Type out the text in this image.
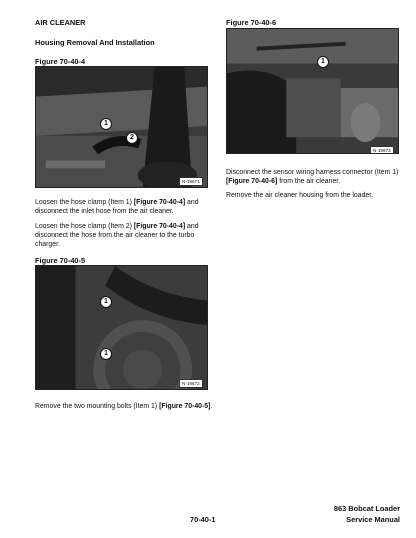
AIR CLEANER
Housing Removal And Installation
Figure 70-40-4
1
2
N-19671
Loosen the hose clamp (Item 1) [Figure 70-40-4] and disconnect the inlet hose from the air cleaner.
Loosen the hose clamp (Item 2) [Figure 70-40-4] and disconnect the hose from the air cleaner to the turbo charger.
Figure 70-40-5
1
1
N-19672
Remove the two mounting bolts (Item 1) [Figure 70-40-5].
Figure 70-40-6
1
N-19673
Disconnect the sensor wiring harness connector (Item 1) [Figure 70-40-6] from the air cleaner.
Remove the air cleaner housing from the loader.
70-40-1
863 Bobcat Loader
Service Manual
